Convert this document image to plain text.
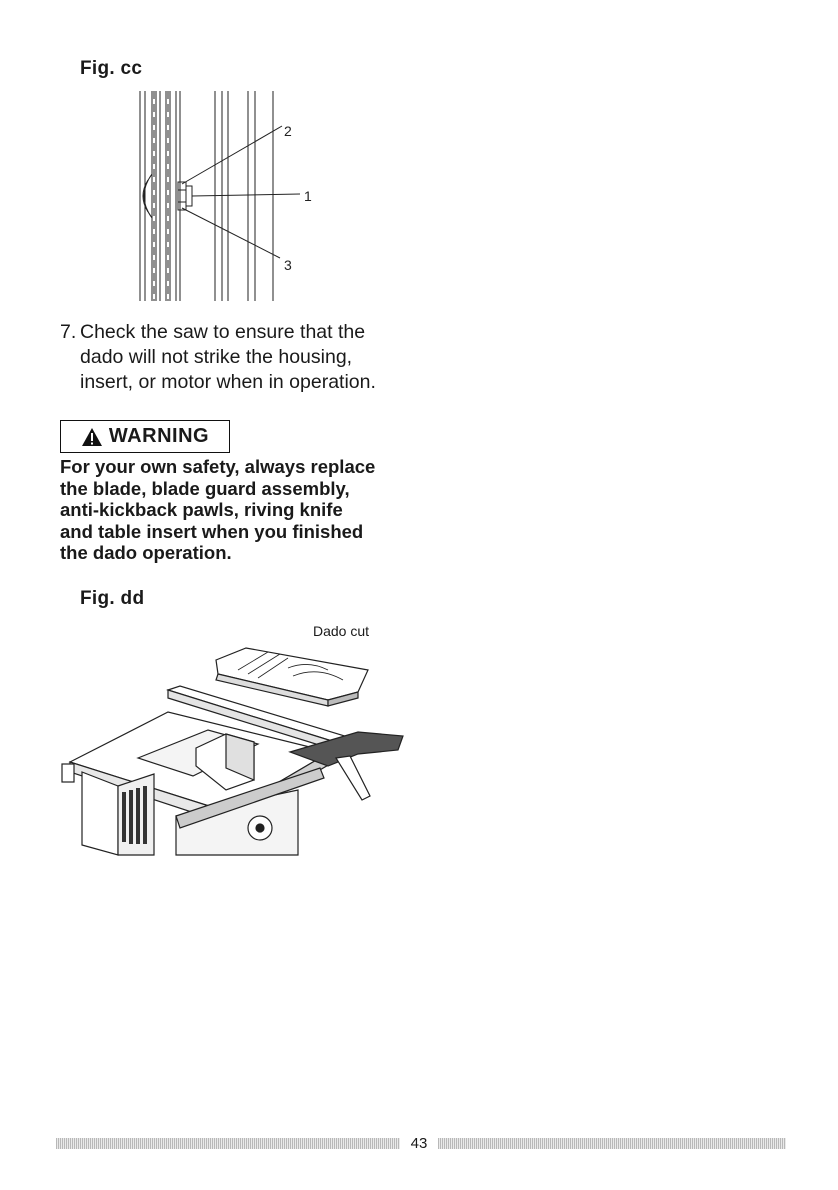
Fig. cc
2
1
3
7. Check the saw to ensure that the
dado will not strike the housing,
insert, or motor when in operation.
WARNING
For your own safety, always replace
the blade, blade guard assembly,
anti-kickback pawls, riving knife
and table insert when you finished
the dado operation.
Fig. dd
Dado cut
43
